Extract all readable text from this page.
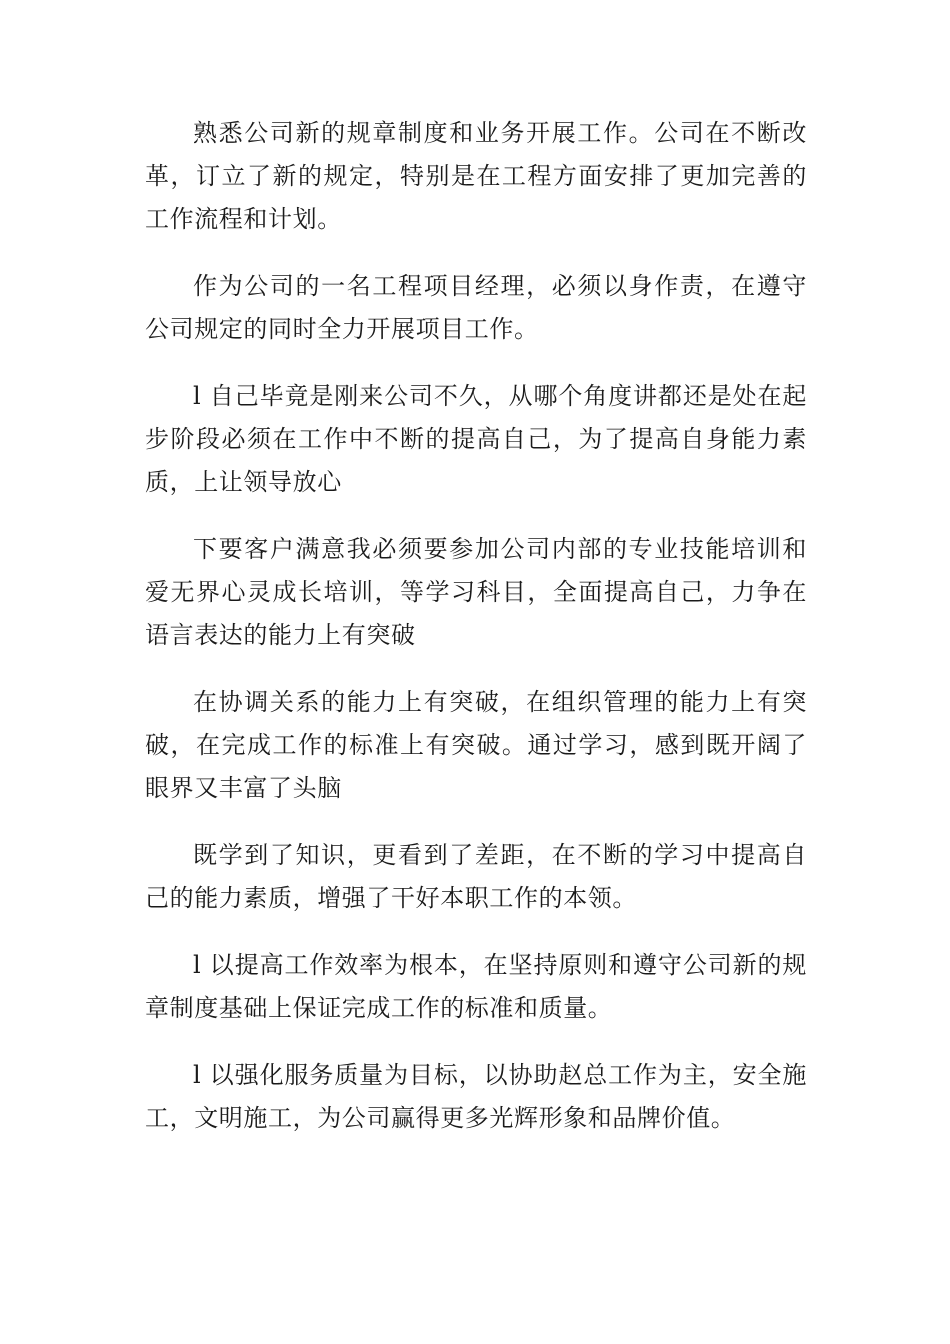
熟悉公司新的规章制度和业务开展工作。公司在不断改革，订立了新的规定，特别是在工程方面安排了更加完善的工作流程和计划。

作为公司的一名工程项目经理，必须以身作责，在遵守公司规定的同时全力开展项目工作。

l 自己毕竟是刚来公司不久，从哪个角度讲都还是处在起步阶段必须在工作中不断的提高自己，为了提高自身能力素质，上让领导放心

下要客户满意我必须要参加公司内部的专业技能培训和爱无界心灵成长培训，等学习科目，全面提高自己，力争在语言表达的能力上有突破

在协调关系的能力上有突破，在组织管理的能力上有突破，在完成工作的标准上有突破。通过学习，感到既开阔了眼界又丰富了头脑

既学到了知识，更看到了差距，在不断的学习中提高自己的能力素质，增强了干好本职工作的本领。

l 以提高工作效率为根本，在坚持原则和遵守公司新的规章制度基础上保证完成工作的标准和质量。

l 以强化服务质量为目标，以协助赵总工作为主，安全施工，文明施工，为公司赢得更多光辉形象和品牌价值。
